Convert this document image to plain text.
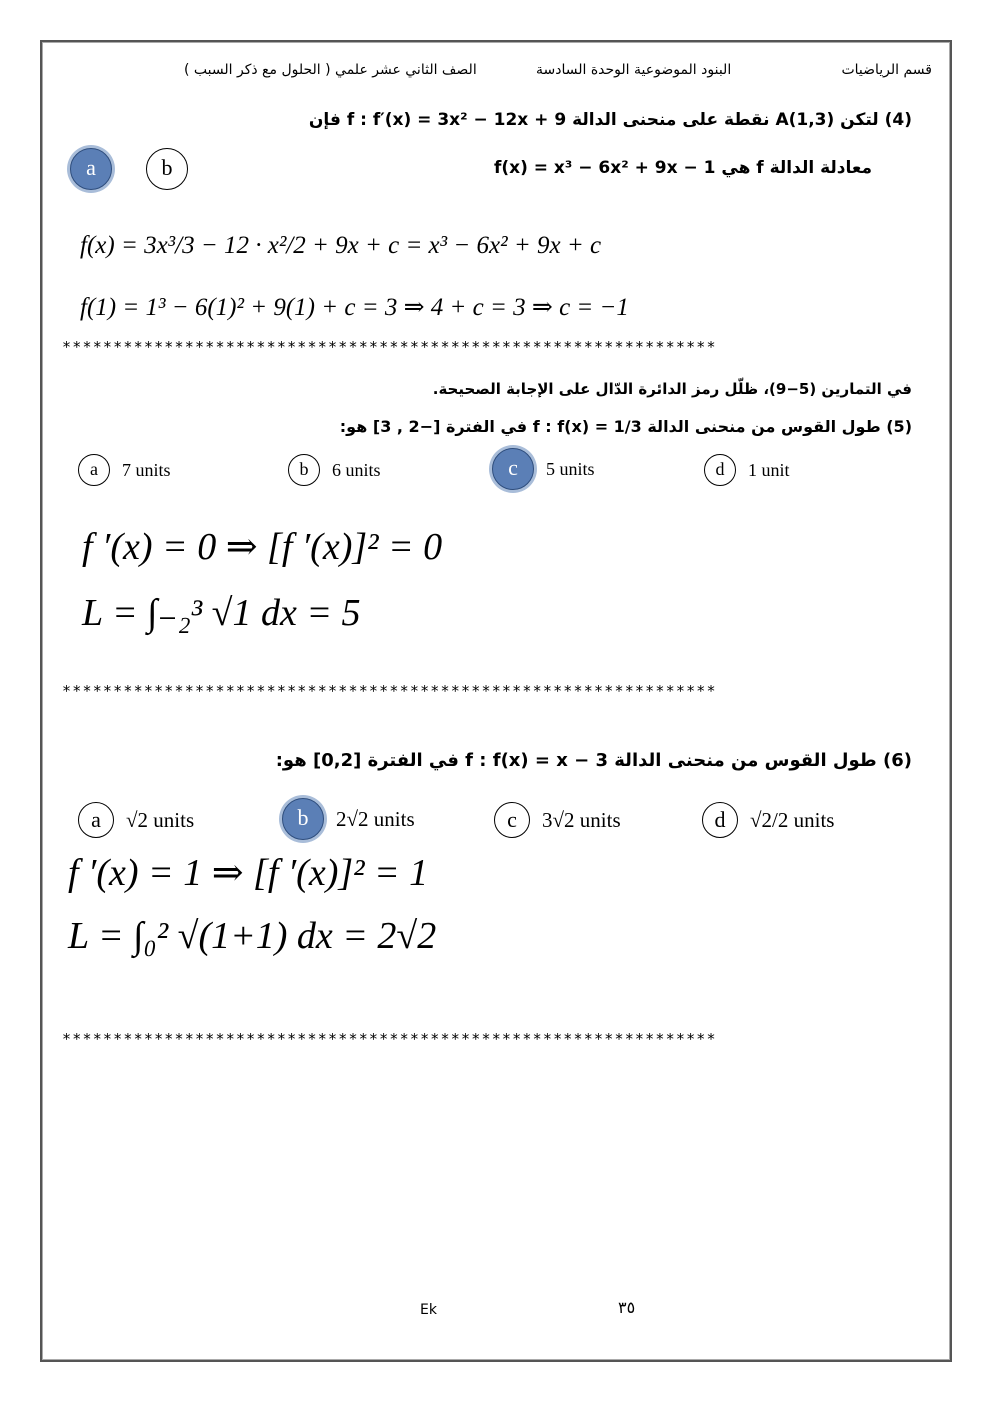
قسم الرياضيات
البنود الموضوعية الوحدة السادسة
الصف الثاني عشر علمي ( الحلول مع ذكر السبب )
(4) لتكن A(1,3) نقطة على منحنى الدالة f : f′(x) = 3x² − 12x + 9 فإن
a	b	معادلة الدالة f هي f(x) = x³ − 6x² + 9x − 1
f(x) = 3x³/3 − 12 · x²/2 + 9x + c = x³ − 6x² + 9x + c
f(1) = 1³ − 6(1)² + 9(1) + c = 3 ⇒ 4 + c = 3 ⇒ c = −1
****************************************************************
في التمارين (5−9)، ظلّل رمز الدائرة الدّال على الإجابة الصحيحة.
(5) طول القوس من منحنى الدالة f : f(x) = 1/3 في الفترة [−2 , 3] هو:
a 7 units	b 6 units	c 5 units	d 1 unit
f ′(x) = 0 ⇒ [f ′(x)]² = 0
L = ∫₋₂³ √1 dx = 5
****************************************************************
(6) طول القوس من منحنى الدالة f : f(x) = x − 3 في الفترة [0,2] هو:
a √2 units	b 2√2 units	c 3√2 units	d √2/2 units
f ′(x) = 1 ⇒ [f ′(x)]² = 1
L = ∫₀² √(1+1) dx = 2√2
****************************************************************
Ek	٣٥
